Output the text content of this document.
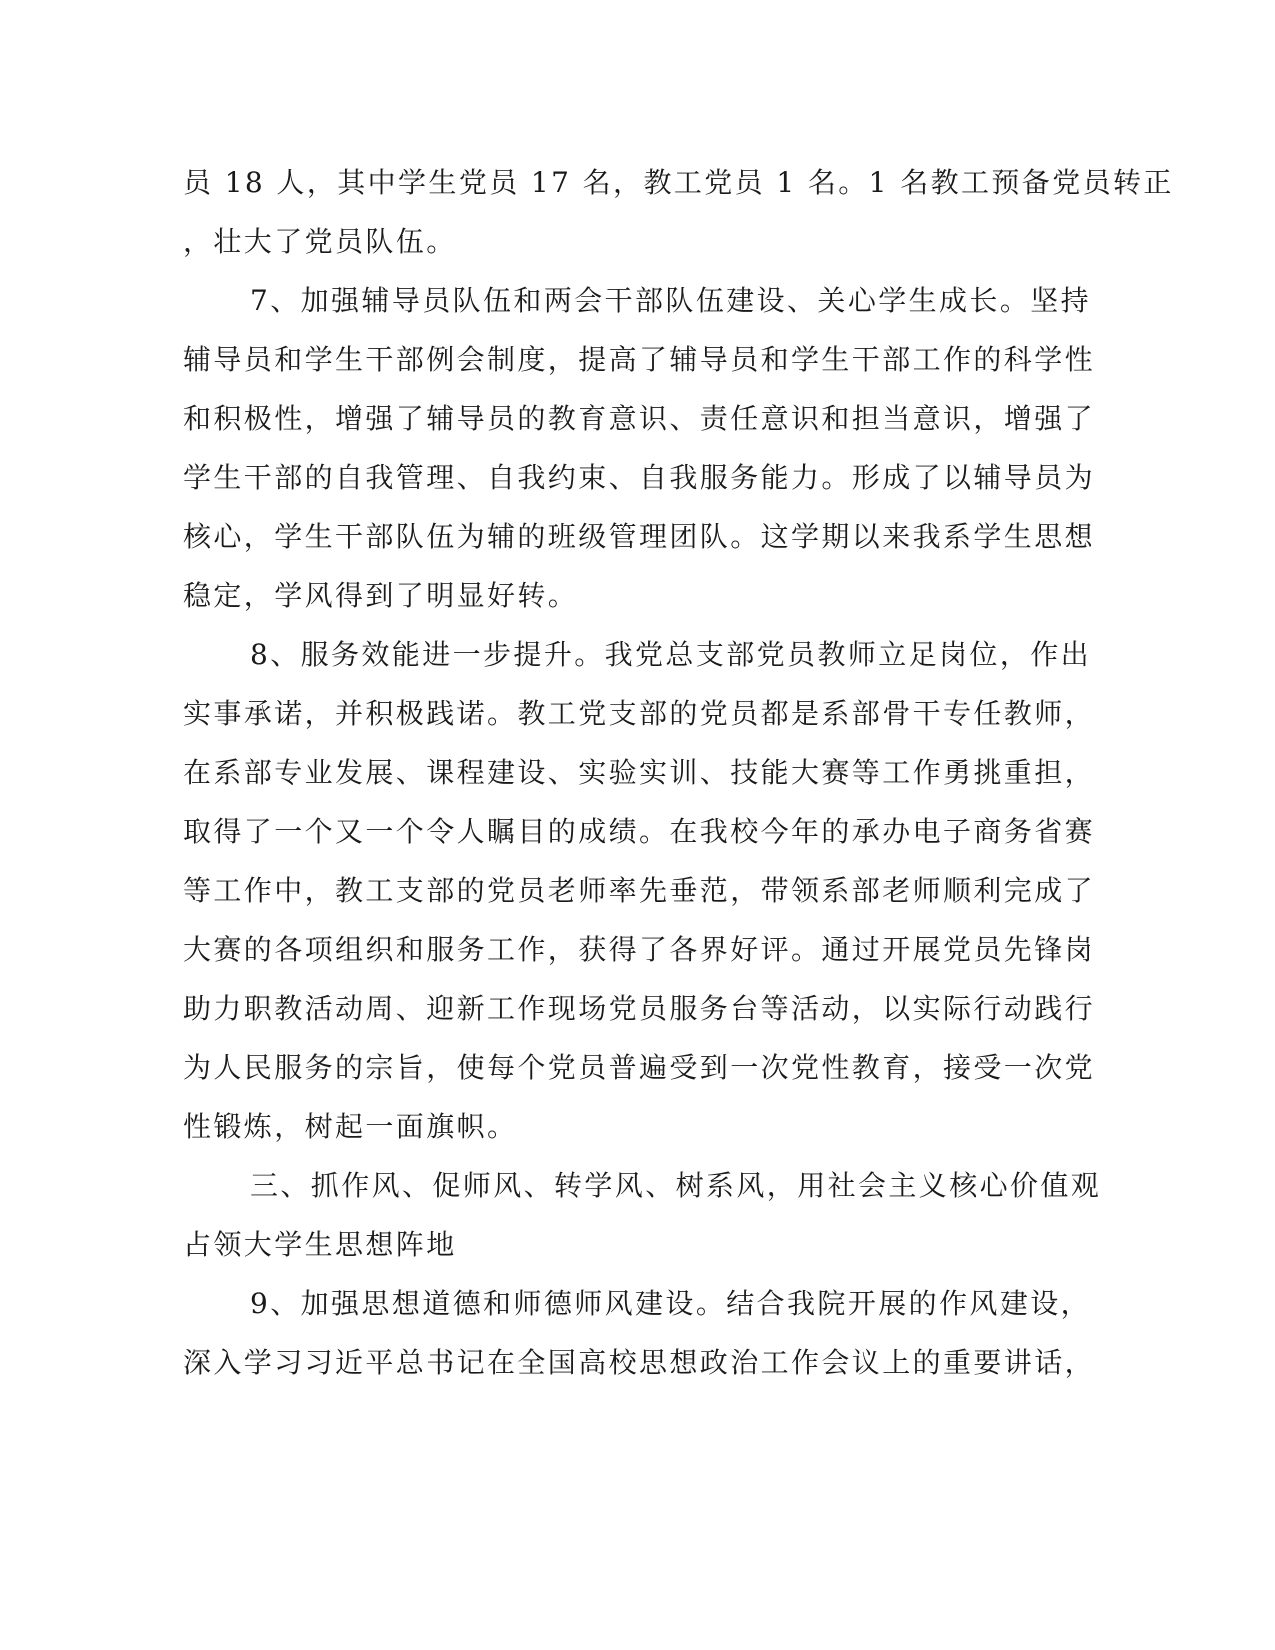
员 18 人，其中学生党员 17 名，教工党员 1 名。1 名教工预备党员转正
，壮大了党员队伍。
7、加强辅导员队伍和两会干部队伍建设、关心学生成长。坚持
辅导员和学生干部例会制度，提高了辅导员和学生干部工作的科学性
和积极性，增强了辅导员的教育意识、责任意识和担当意识，增强了
学生干部的自我管理、自我约束、自我服务能力。形成了以辅导员为
核心，学生干部队伍为辅的班级管理团队。这学期以来我系学生思想
稳定，学风得到了明显好转。
8、服务效能进一步提升。我党总支部党员教师立足岗位，作出
实事承诺，并积极践诺。教工党支部的党员都是系部骨干专任教师，
在系部专业发展、课程建设、实验实训、技能大赛等工作勇挑重担，
取得了一个又一个令人瞩目的成绩。在我校今年的承办电子商务省赛
等工作中，教工支部的党员老师率先垂范，带领系部老师顺利完成了
大赛的各项组织和服务工作，获得了各界好评。通过开展党员先锋岗
助力职教活动周、迎新工作现场党员服务台等活动，以实际行动践行
为人民服务的宗旨，使每个党员普遍受到一次党性教育，接受一次党
性锻炼，树起一面旗帜。
三、抓作风、促师风、转学风、树系风，用社会主义核心价值观
占领大学生思想阵地
9、加强思想道德和师德师风建设。结合我院开展的作风建设，
深入学习习近平总书记在全国高校思想政治工作会议上的重要讲话，
